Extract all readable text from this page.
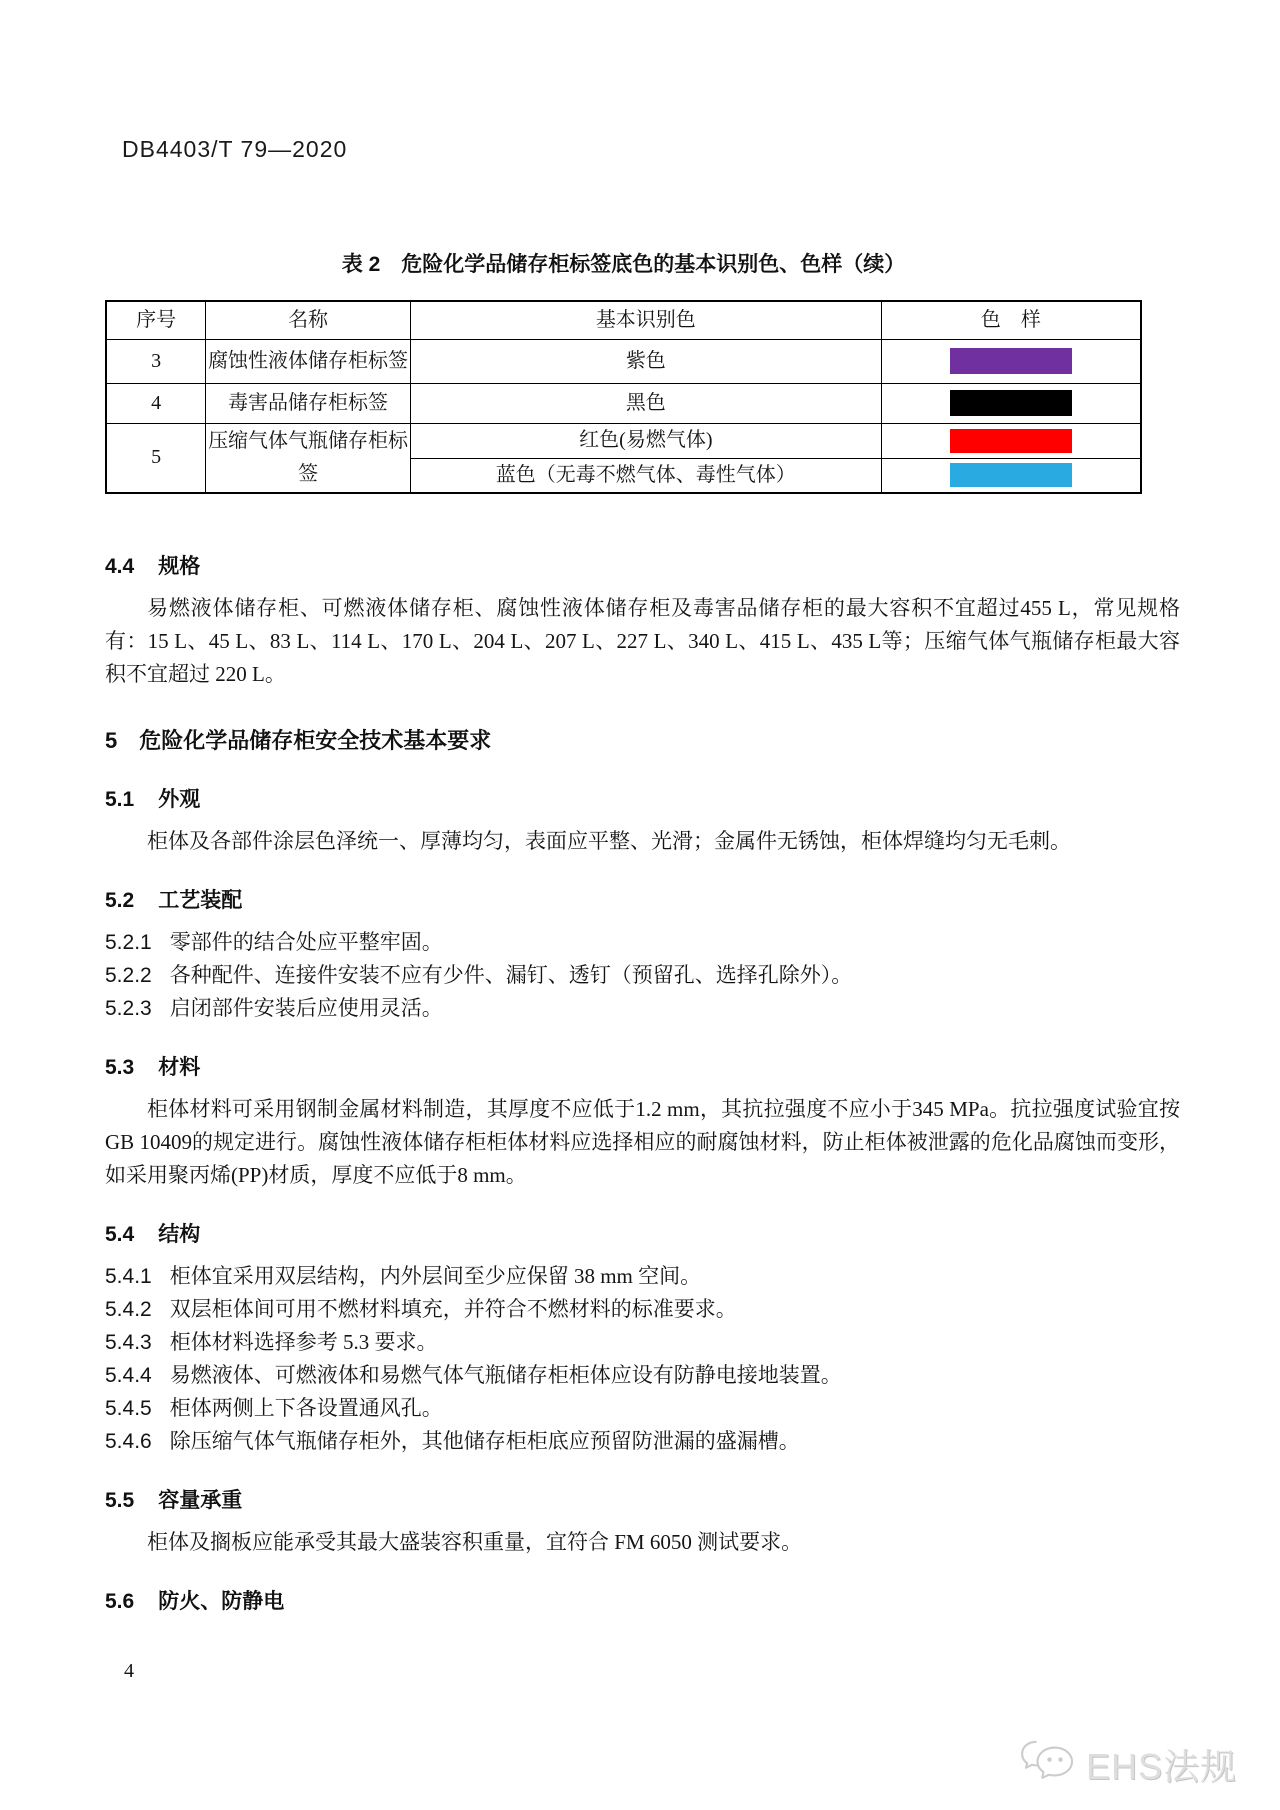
DB4403/T 79—2020
表 2　危险化学品储存柜标签底色的基本识别色、色样（续）
序号	名称	基本识别色	色　样
3	腐蚀性液体储存柜标签	紫色	

4	毒害品储存柜标签	黑色	

5	压缩气体气瓶储存柜标签	红色(易燃气体)	

		蓝色（无毒不燃气体、毒性气体）	
4.4 规格

易燃液体储存柜、可燃液体储存柜、腐蚀性液体储存柜及毒害品储存柜的最大容积不宜超过455 L，常见规格有：15 L、45 L、83 L、114 L、170 L、204 L、207 L、227 L、340 L、415 L、435 L等；压缩气体气瓶储存柜最大容积不宜超过 220 L。

5 危险化学品储存柜安全技术基本要求
5.1 外观

柜体及各部件涂层色泽统一、厚薄均匀，表面应平整、光滑；金属件无锈蚀，柜体焊缝均匀无毛刺。

5.2 工艺装配
5.2.1 零部件的结合处应平整牢固。
5.2.2 各种配件、连接件安装不应有少件、漏钉、透钉（预留孔、选择孔除外）。
5.2.3 启闭部件安装后应使用灵活。
5.3 材料

柜体材料可采用钢制金属材料制造，其厚度不应低于1.2 mm，其抗拉强度不应小于345 MPa。抗拉强度试验宜按GB 10409的规定进行。腐蚀性液体储存柜柜体材料应选择相应的耐腐蚀材料，防止柜体被泄露的危化品腐蚀而变形，如采用聚丙烯(PP)材质，厚度不应低于8 mm。

5.4 结构
5.4.1 柜体宜采用双层结构，内外层间至少应保留 38 mm 空间。
5.4.2 双层柜体间可用不燃材料填充，并符合不燃材料的标准要求。
5.4.3 柜体材料选择参考 5.3 要求。
5.4.4 易燃液体、可燃液体和易燃气体气瓶储存柜柜体应设有防静电接地装置。
5.4.5 柜体两侧上下各设置通风孔。
5.4.6 除压缩气体气瓶储存柜外，其他储存柜柜底应预留防泄漏的盛漏槽。
5.5 容量承重

柜体及搁板应能承受其最大盛装容积重量，宜符合 FM 6050 测试要求。

5.6 防火、防静电
4
EHS法规
